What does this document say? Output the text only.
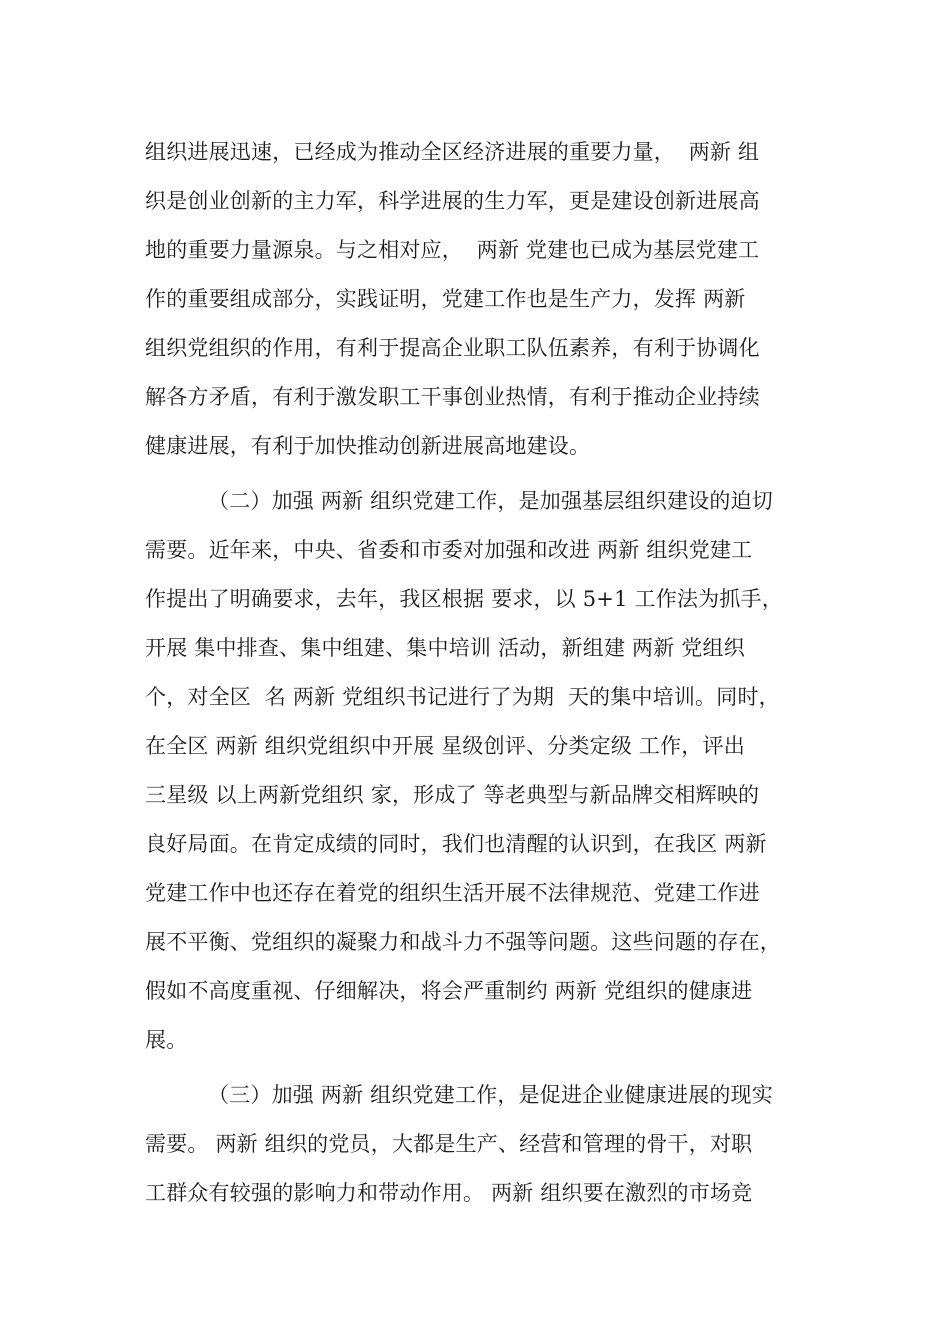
组织进展迅速，已经成为推动全区经济进展的重要力量，  两新 组
织是创业创新的主力军，科学进展的生力军，更是建设创新进展高
地的重要力量源泉。与之相对应，  两新 党建也已成为基层党建工
作的重要组成部分，实践证明，党建工作也是生产力，发挥 两新
组织党组织的作用，有利于提高企业职工队伍素养，有利于协调化
解各方矛盾，有利于激发职工干事创业热情，有利于推动企业持续
健康进展，有利于加快推动创新进展高地建设。
（二）加强 两新 组织党建工作，是加强基层组织建设的迫切
需要。近年来，中央、省委和市委对加强和改进 两新 组织党建工
作提出了明确要求，去年，我区根据 要求，以 5+1 工作法为抓手，
开展 集中排查、集中组建、集中培训 活动，新组建 两新 党组织
个，对全区  名 两新 党组织书记进行了为期  天的集中培训。同时，
在全区 两新 组织党组织中开展 星级创评、分类定级 工作，评出
三星级 以上两新党组织 家，形成了 等老典型与新品牌交相辉映的
良好局面。在肯定成绩的同时，我们也清醒的认识到，在我区 两新
党建工作中也还存在着党的组织生活开展不法律规范、党建工作进
展不平衡、党组织的凝聚力和战斗力不强等问题。这些问题的存在，
假如不高度重视、仔细解决，将会严重制约 两新 党组织的健康进
展。
（三）加强 两新 组织党建工作，是促进企业健康进展的现实
需要。 两新 组织的党员，大都是生产、经营和管理的骨干，对职
工群众有较强的影响力和带动作用。 两新 组织要在激烈的市场竞
